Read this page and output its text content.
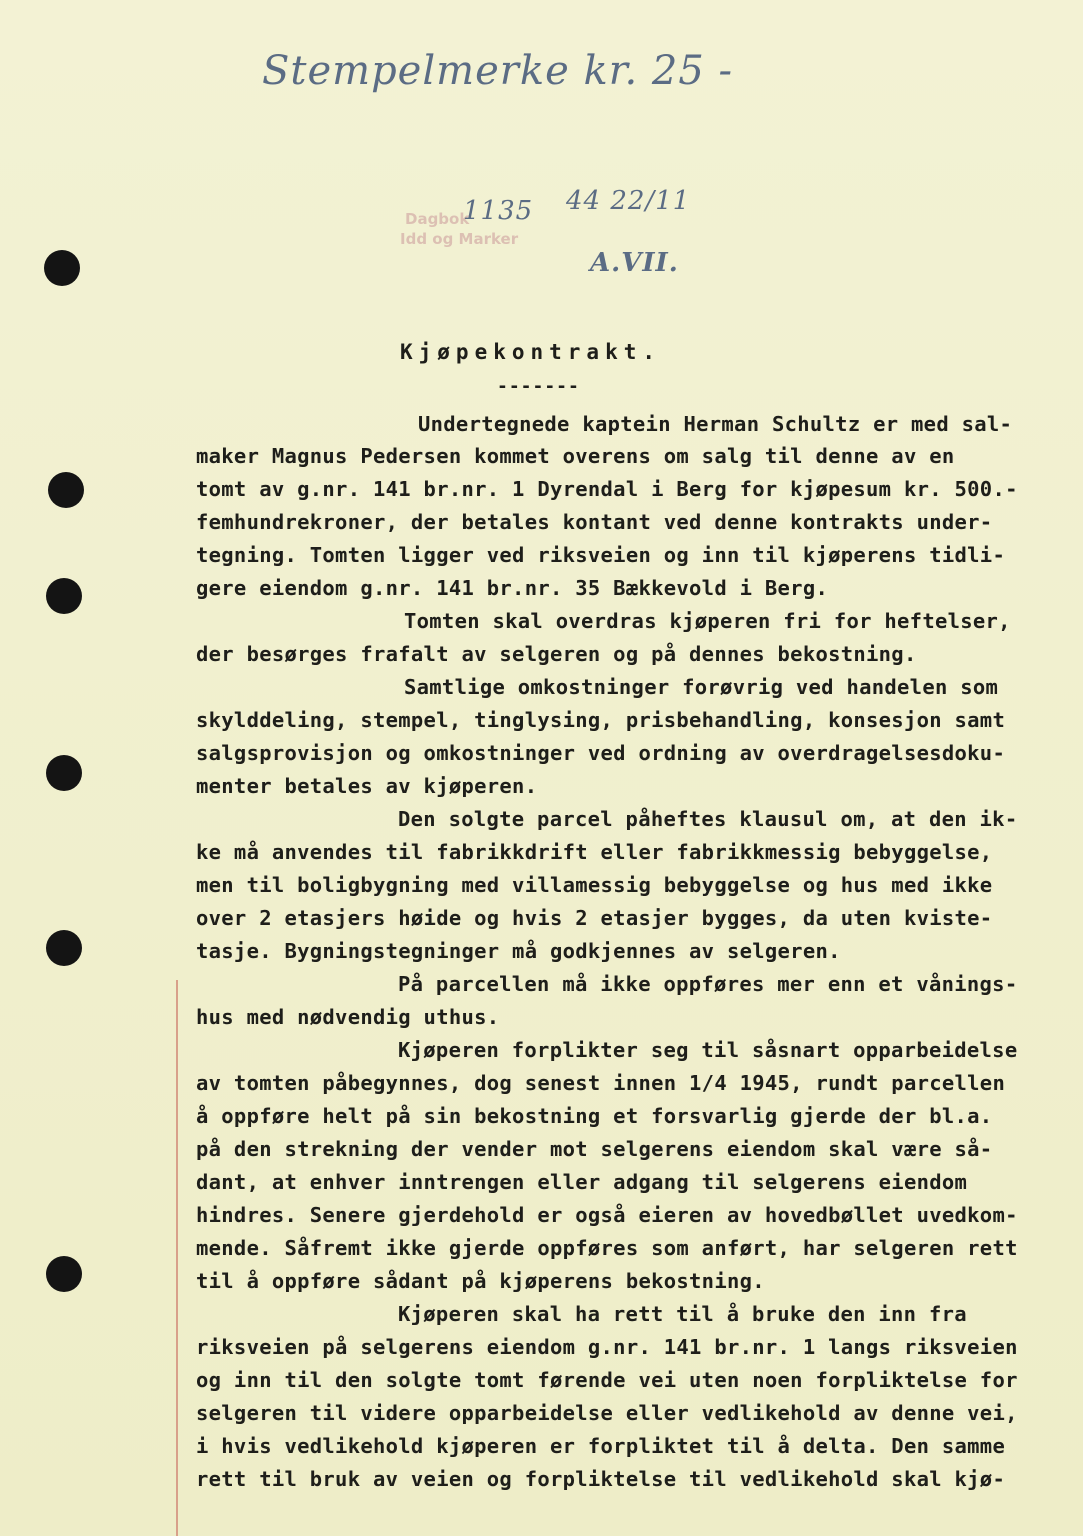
Stempelmerke kr. 25 -
Dagbok
Idd og Marker
1135 44 22/11
A.VII.
Kjøpekontrakt.
-------
Undertegnede kaptein Herman Schultz er med sal-
maker Magnus Pedersen kommet overens om salg til denne av en
tomt av g.nr. 141 br.nr. 1 Dyrendal i Berg for kjøpesum kr. 500.-
femhundrekroner, der betales kontant ved denne kontrakts under-
tegning. Tomten ligger ved riksveien og inn til kjøperens tidli-
gere eiendom g.nr. 141 br.nr. 35 Bækkevold i Berg.
Tomten skal overdras kjøperen fri for heftelser,
der besørges frafalt av selgeren og på dennes bekostning.
Samtlige omkostninger forøvrig ved handelen som
skylddeling, stempel, tinglysing, prisbehandling, konsesjon samt
salgsprovisjon og omkostninger ved ordning av overdragelsesdoku-
menter betales av kjøperen.
Den solgte parcel påheftes klausul om, at den ik-
ke må anvendes til fabrikkdrift eller fabrikkmessig bebyggelse,
men til boligbygning med villamessig bebyggelse og hus med ikke
over 2 etasjers høide og hvis 2 etasjer bygges, da uten kviste-
tasje. Bygningstegninger må godkjennes av selgeren.
På parcellen må ikke oppføres mer enn et vånings-
hus med nødvendig uthus.
Kjøperen forplikter seg til såsnart opparbeidelse
av tomten påbegynnes, dog senest innen 1/4 1945, rundt parcellen
å oppføre helt på sin bekostning et forsvarlig gjerde der bl.a.
på den strekning der vender mot selgerens eiendom skal være så-
dant, at enhver inntrengen eller adgang til selgerens eiendom
hindres. Senere gjerdehold er også eieren av hovedbøllet uvedkom-
mende. Såfremt ikke gjerde oppføres som anført, har selgeren rett
til å oppføre sådant på kjøperens bekostning.
Kjøperen skal ha rett til å bruke den inn fra
riksveien på selgerens eiendom g.nr. 141 br.nr. 1 langs riksveien
og inn til den solgte tomt førende vei uten noen forpliktelse for
selgeren til videre opparbeidelse eller vedlikehold av denne vei,
i hvis vedlikehold kjøperen er forpliktet til å delta. Den samme
rett til bruk av veien og forpliktelse til vedlikehold skal kjø-
